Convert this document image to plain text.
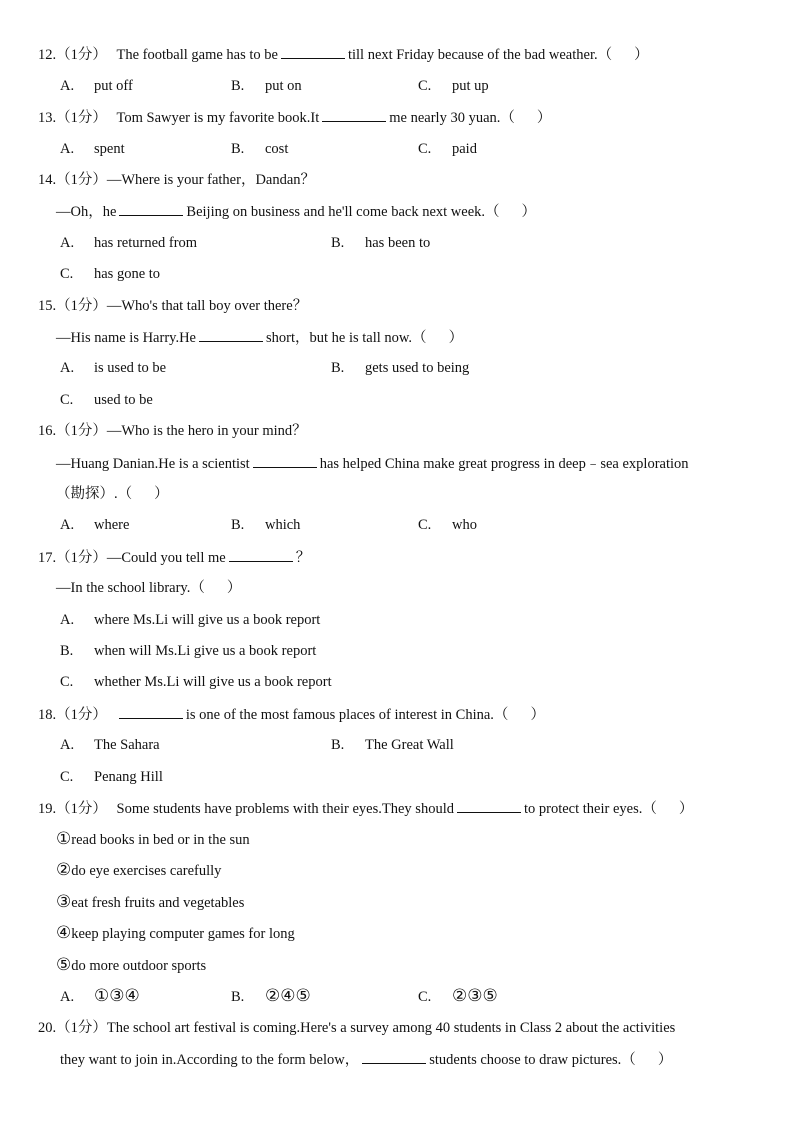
12.（1分） The football game has to be	till next Friday because of the bad weather.（ ）
A. put off	B. put on	C. put up
13.（1分） Tom Sawyer is my favorite book.It	me nearly 30 yuan.（ ）
A. spent	B. cost	C. paid
14.（1分）—Where is your father，Dandan？
—Oh，he	Beijing on business and he'll come back next week.（ ）
A. has returned from	B. has been to
C. has gone to
15.（1分）—Who's that tall boy over there？
—His name is Harry.He	short，but he is tall now.（ ）
A. is used to be	B. gets used to being
C. used to be
16.（1分）—Who is the hero in your mind？
—Huang Danian.He is a scientist	has helped China make great progress in deep﹣sea exploration
（勘探）.（ ）
A. where	B. which	C. who
17.（1分）—Could you tell me	？
—In the school library.（ ）
A. where Ms.Li will give us a book report
B. when will Ms.Li give us a book report
C. whether Ms.Li will give us a book report
18.（1分）	is one of the most famous places of interest in China.（ ）
A. The Sahara	B. The Great Wall
C. Penang Hill
19.（1分） Some students have problems with their eyes.They should	to protect their eyes.（ ）
①read books in bed or in the sun
②do eye exercises carefully
③eat fresh fruits and vegetables
④keep playing computer games for long
⑤do more outdoor sports
A. ①③④	B. ②④⑤	C. ②③⑤
20.（1分）The school art festival is coming.Here's a survey among 40 students in Class 2 about the activities
they want to join in.According to the form below，	students choose to draw pictures.（ ）
